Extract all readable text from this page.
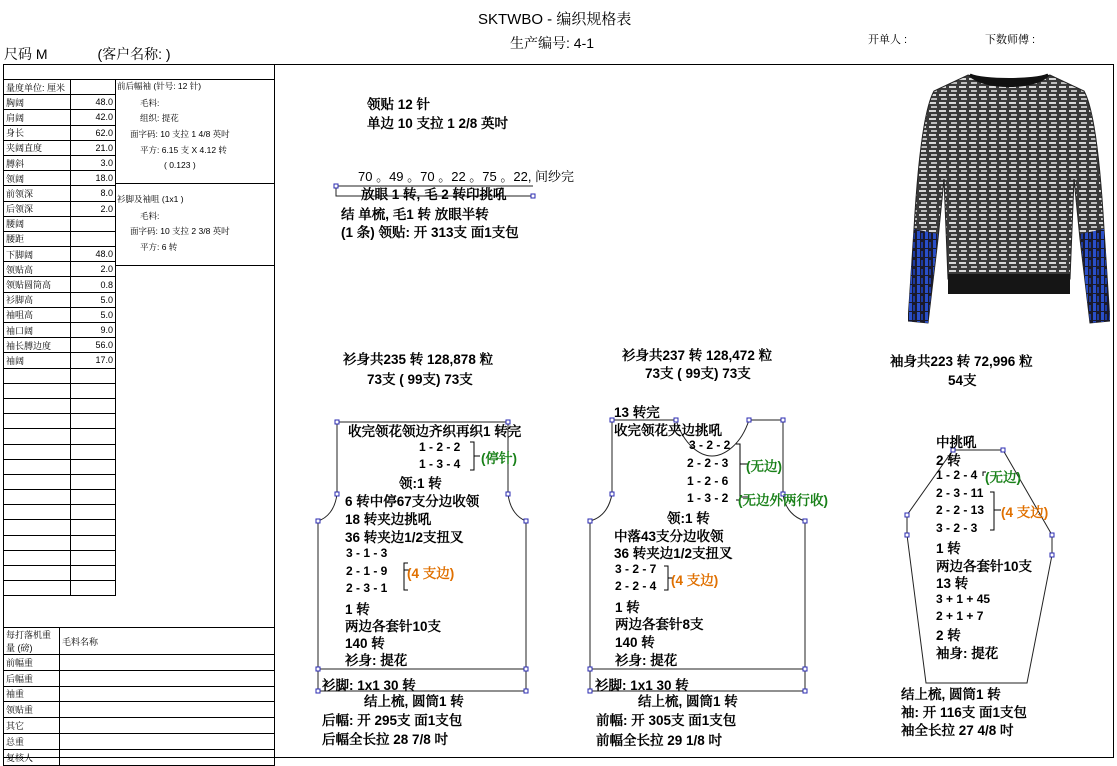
SKTWBO - 编织规格表
生产编号: 4-1	开单人 :	下数师傅 :
尺码 M	(客户名称: )
量度单位: 厘米	
胸阔	48.0
肩阔	42.0
身长	62.0
夹阔直度	21.0
膊斜	3.0
领阔	18.0
前领深	8.0
后领深	2.0
腰阔	
腰距	
下脚阔	48.0
领贴高	2.0
领贴圆筒高	0.8
衫脚高	5.0
袖咀高	5.0
袖口阔	9.0
袖长膊边度	56.0
袖阔	17.0

前后幅袖 (针号: 12 针)
毛料:
组织: 提花
面字码: 10 支拉 1 4/8 英吋
平方: 6.15 支 X 4.12 转
( 0.123 )
衫脚及袖咀 (1x1 )
毛料:
面字码: 10 支拉 2 3/8 英吋
平方: 6 转
每打落机重量 (磅)	毛料名称
前幅重	
后幅重	
袖重	
领贴重	
其它	
总重	
复核人	
领贴 12 针
单边 10 支拉 1 2/8 英吋
70 。49 。70 。22 。75 。22, 间纱完
放眼 1 转, 毛 2 转印挑吼
结 单梳, 毛1 转 放眼半转
(1 条) 领贴: 开 313支 面1支包
衫身共235 转 128,878 粒
73支 ( 99支) 73支
收完领花领边齐织再织1 转完
1 - 2 - 2
1 - 3 - 4 (停针)
领:1 转
6 转中停67支分边收领
18 转夹边挑吼
36 转夹边1/2支扭叉
3 - 1 - 3
2 - 1 - 9
2 - 3 - 1
(4 支边)
1 转
两边各套针10支
140 转
衫身: 提花
衫脚: 1x1 30 转
结上梳, 圆筒1 转
后幅: 开 295支 面1支包
后幅全长拉 28 7/8 吋
衫身共237 转 128,472 粒
73支 ( 99支) 73支
13 转完
收完领花夹边挑吼
3 - 2 - 2
2 - 2 - 3 (无边)
1 - 2 - 6
1 - 3 - 2 (无边外两行收)
领:1 转
中落43支分边收领
36 转夹边1/2支扭叉
3 - 2 - 7
2 - 2 - 4 (4 支边)
1 转
两边各套针8支
140 转
衫身: 提花
衫脚: 1x1 30 转
结上梳, 圆筒1 转
前幅: 开 305支 面1支包
前幅全长拉 29 1/8 吋
袖身共223 转 72,996 粒
54支
中挑吼
2 转
1 - 2 - 4 (无边)
2 - 3 - 11
2 - 2 - 13 (4 支边)
3 - 2 - 3
1 转
两边各套针10支
13 转
3 + 1 + 45
2 + 1 + 7
2 转
袖身: 提花
结上梳, 圆筒1 转
袖: 开 116支 面1支包
袖全长拉 27 4/8 吋
